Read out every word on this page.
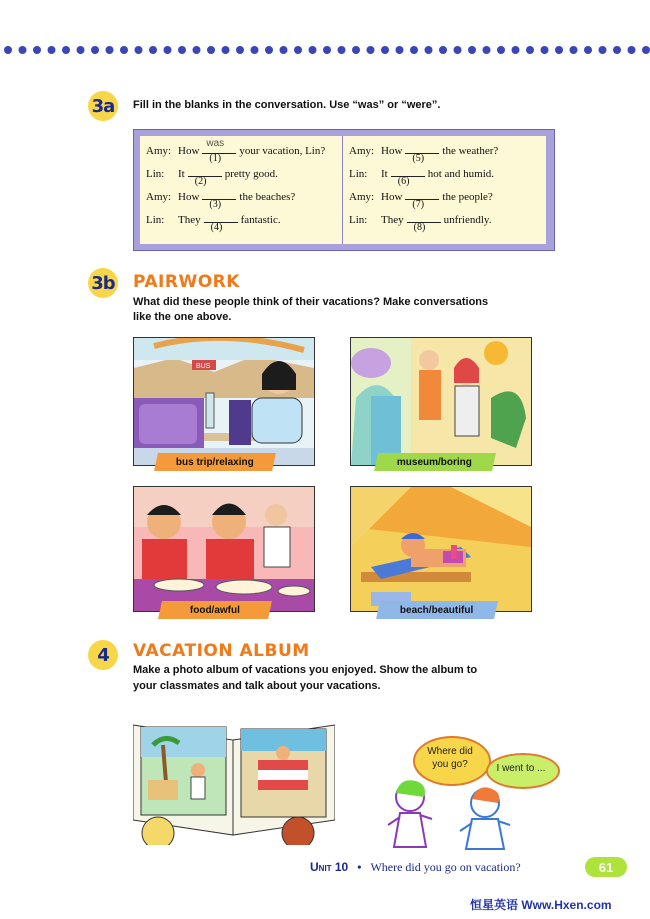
3a	Fill in the blanks in the conversation. Use “was” or “were”.
Amy: How
was
(1)
your vacation, Lin?
Lin: It
(2)
pretty good.
Amy: How
(3)
the beaches?
Lin: They
(4)
fantastic.
Amy: How
(5)
the weather?
Lin: It
(6)
hot and humid.
Amy: How
(7)
the people?
Lin: They
(8)
unfriendly.
3b PAIRWORK
What did these people think of their vacations? Make conversations
like the one above.
BUS
bus trip/relaxing	museum/boring
food/awful	beach/beautiful
4	VACATION ALBUM
Make a photo album of vacations you enjoyed. Show the album to
your classmates and talk about your vacations.
Where did
you go?	I went to ...
Unit 10 • Where did you go on vacation?	61
恒星英语 Www.Hxen.com
